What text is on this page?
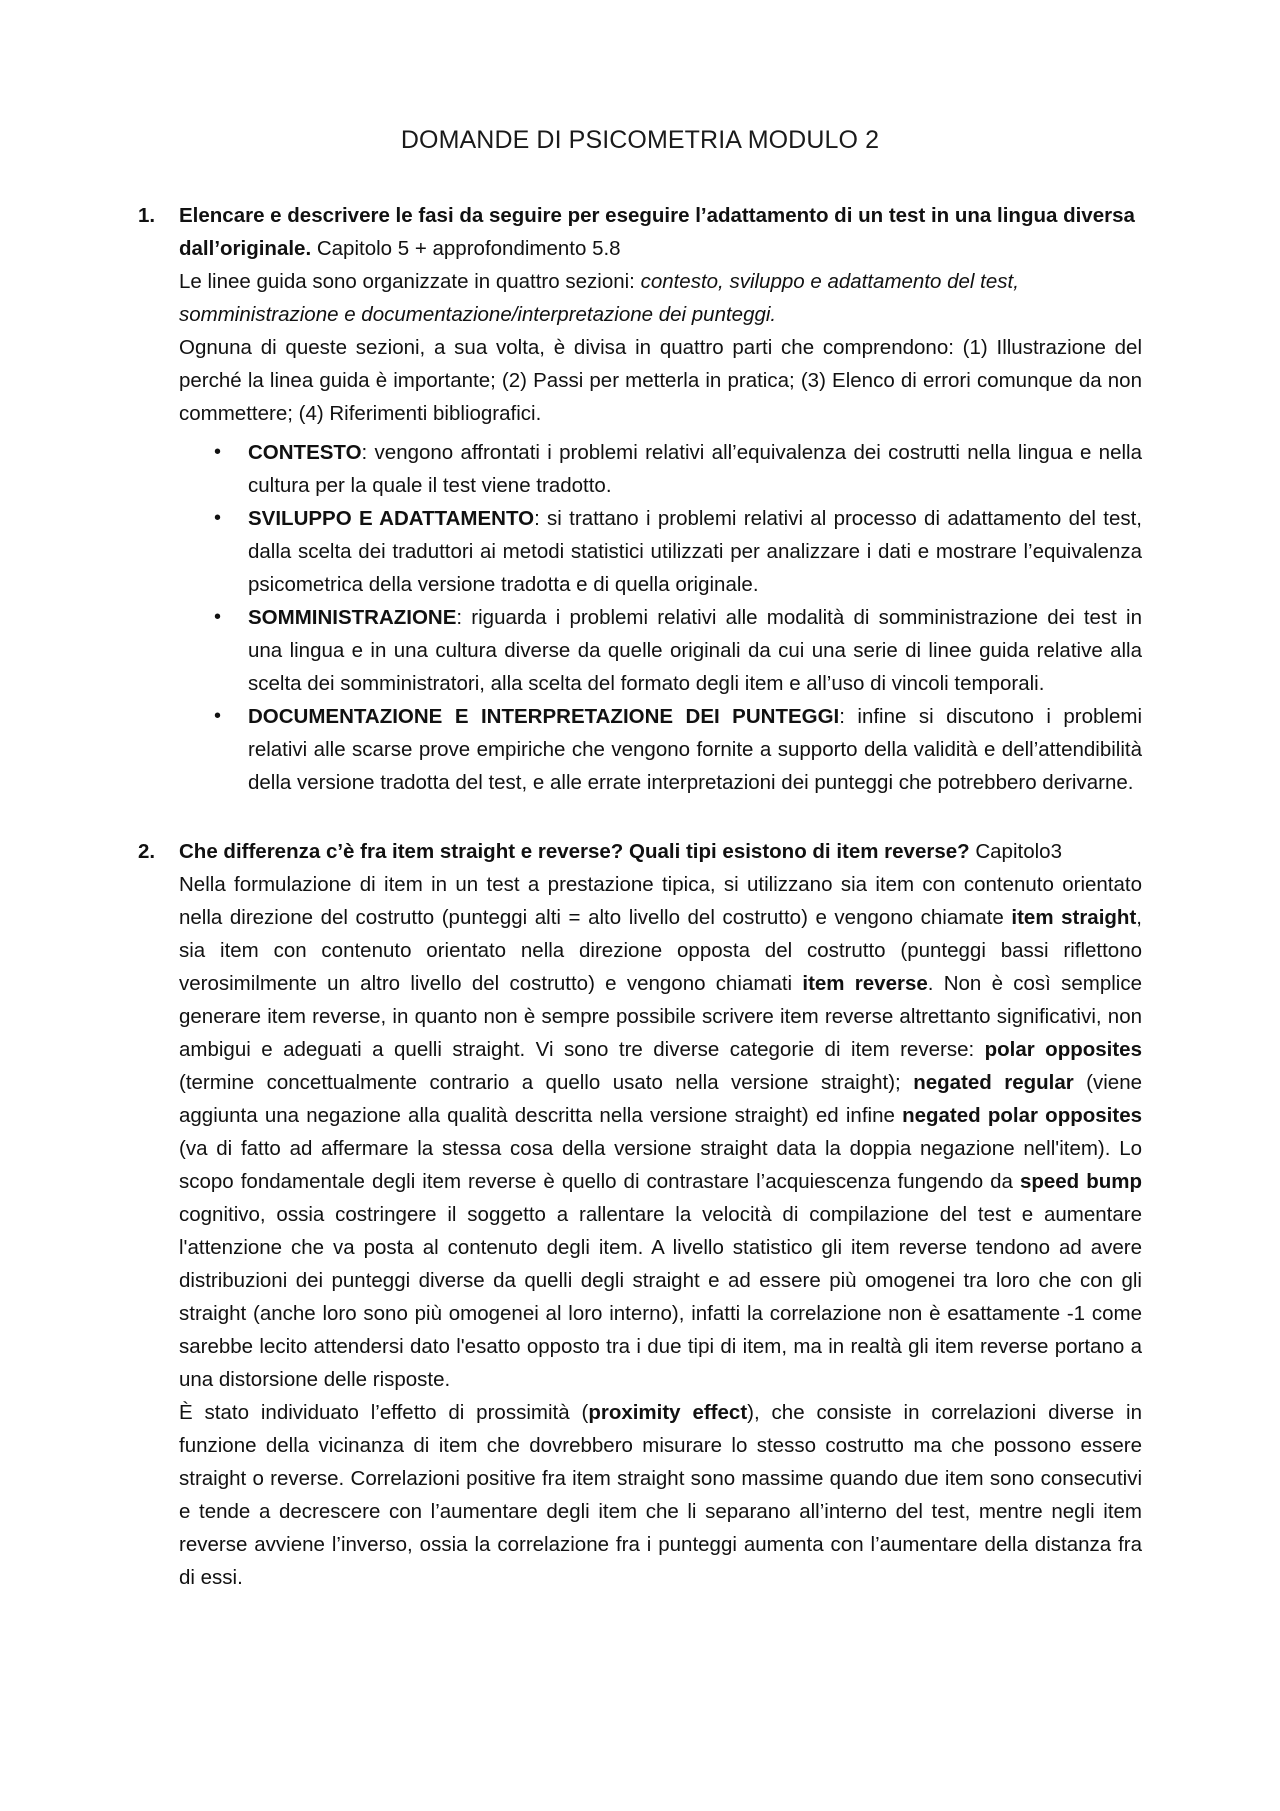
DOMANDE DI PSICOMETRIA MODULO 2
1. Elencare e descrivere le fasi da seguire per eseguire l’adattamento di un test in una lingua diversa dall’originale. Capitolo 5 + approfondimento 5.8

Le linee guida sono organizzate in quattro sezioni: contesto, sviluppo e adattamento del test, somministrazione e documentazione/interpretazione dei punteggi.

Ognuna di queste sezioni, a sua volta, è divisa in quattro parti che comprendono: (1) Illustrazione del perché la linea guida è importante; (2) Passi per metterla in pratica; (3) Elenco di errori comunque da non commettere; (4) Riferimenti bibliografici.

• CONTESTO: vengono affrontati i problemi relativi all’equivalenza dei costrutti nella lingua e nella cultura per la quale il test viene tradotto.
• SVILUPPO E ADATTAMENTO: si trattano i problemi relativi al processo di adattamento del test, dalla scelta dei traduttori ai metodi statistici utilizzati per analizzare i dati e mostrare l’equivalenza psicometrica della versione tradotta e di quella originale.
• SOMMINISTRAZIONE: riguarda i problemi relativi alle modalità di somministrazione dei test in una lingua e in una cultura diverse da quelle originali da cui una serie di linee guida relative alla scelta dei somministratori, alla scelta del formato degli item e all’uso di vincoli temporali.
• DOCUMENTAZIONE E INTERPRETAZIONE DEI PUNTEGGI: infine si discutono i problemi relativi alle scarse prove empiriche che vengono fornite a supporto della validità e dell’attendibilità della versione tradotta del test, e alle errate interpretazioni dei punteggi che potrebbero derivarne.
2. Che differenza c’è fra item straight e reverse? Quali tipi esistono di item reverse? Capitolo3

Nella formulazione di item in un test a prestazione tipica, si utilizzano sia item con contenuto orientato nella direzione del costrutto (punteggi alti = alto livello del costrutto) e vengono chiamate item straight, sia item con contenuto orientato nella direzione opposta del costrutto (punteggi bassi riflettono verosimilmente un altro livello del costrutto) e vengono chiamati item reverse. Non è così semplice generare item reverse, in quanto non è sempre possibile scrivere item reverse altrettanto significativi, non ambigui e adeguati a quelli straight. Vi sono tre diverse categorie di item reverse: polar opposites (termine concettualmente contrario a quello usato nella versione straight); negated regular (viene aggiunta una negazione alla qualità descritta nella versione straight) ed infine negated polar opposites (va di fatto ad affermare la stessa cosa della versione straight data la doppia negazione nell'item). Lo scopo fondamentale degli item reverse è quello di contrastare l’acquiescenza fungendo da speed bump cognitivo, ossia costringere il soggetto a rallentare la velocità di compilazione del test e aumentare l'attenzione che va posta al contenuto degli item. A livello statistico gli item reverse tendono ad avere distribuzioni dei punteggi diverse da quelli degli straight e ad essere più omogenei tra loro che con gli straight (anche loro sono più omogenei al loro interno), infatti la correlazione non è esattamente -1 come sarebbe lecito attendersi dato l'esatto opposto tra i due tipi di item, ma in realtà gli item reverse portano a una distorsione delle risposte.

È stato individuato l’effetto di prossimità (proximity effect), che consiste in correlazioni diverse in funzione della vicinanza di item che dovrebbero misurare lo stesso costrutto ma che possono essere straight o reverse. Correlazioni positive fra item straight sono massime quando due item sono consecutivi e tende a decrescere con l’aumentare degli item che li separano all’interno del test, mentre negli item reverse avviene l’inverso, ossia la correlazione fra i punteggi aumenta con l’aumentare della distanza fra di essi.
